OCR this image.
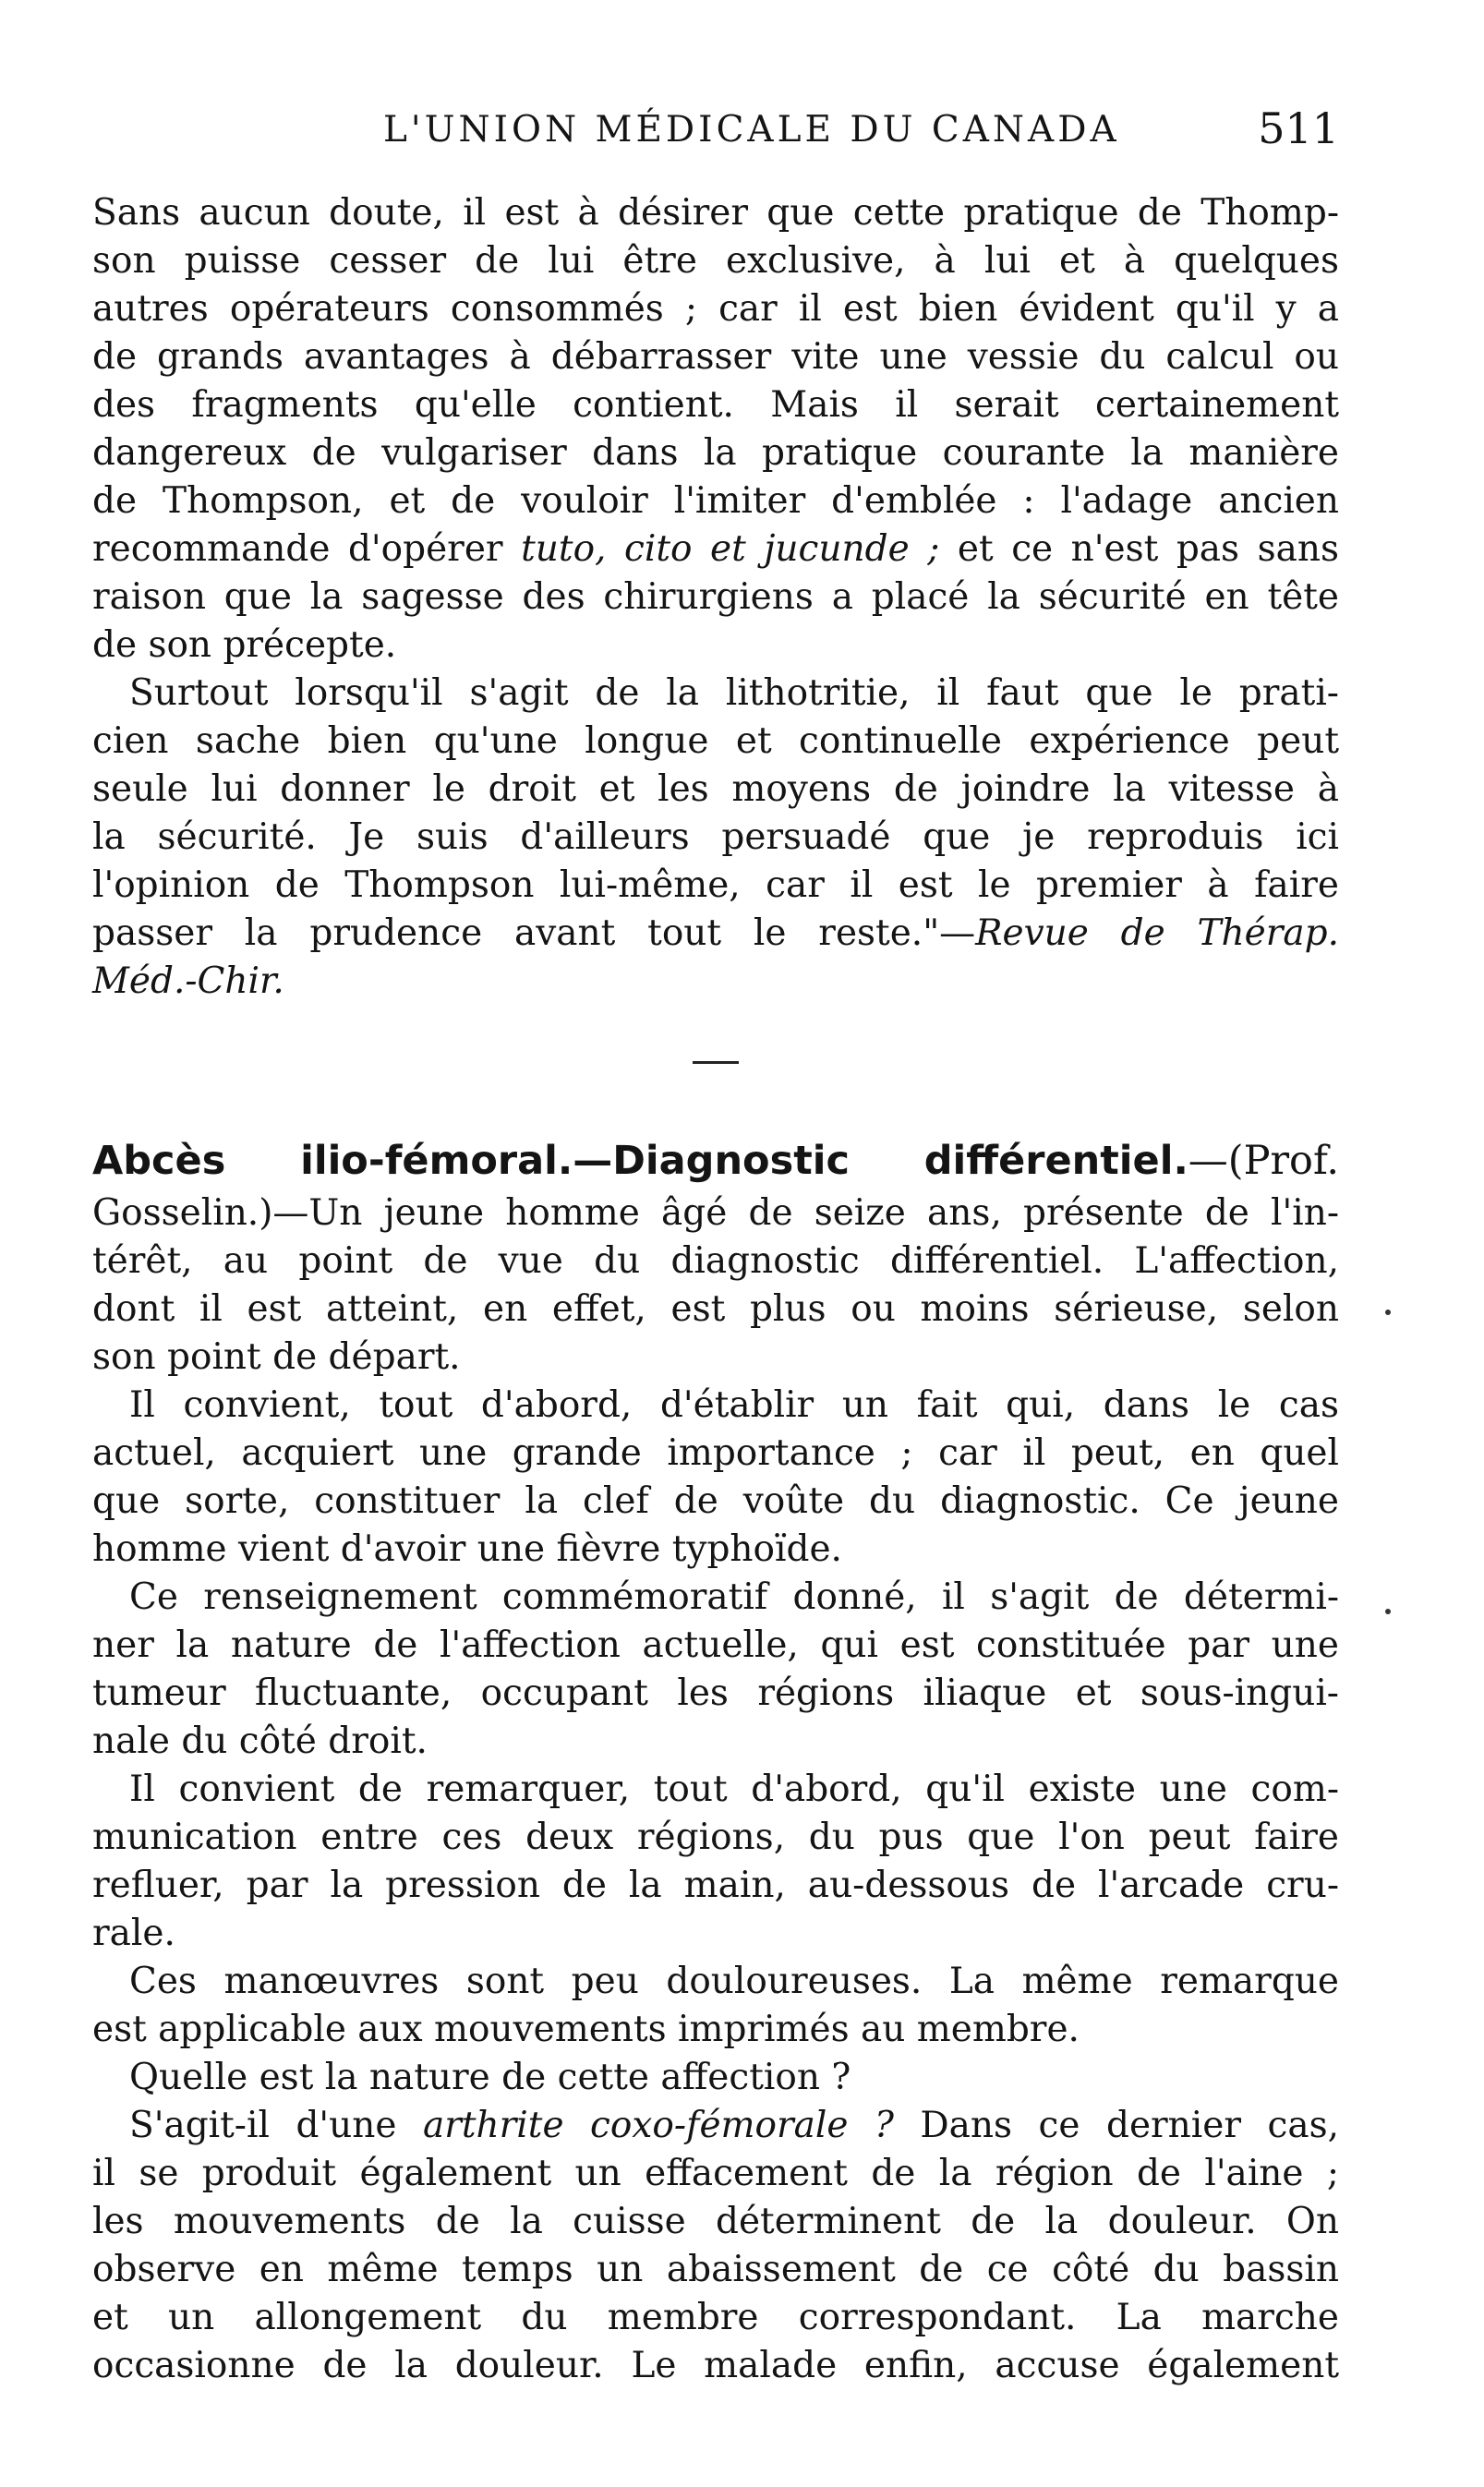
L'UNION MÉDICALE DU CANADA	511
Sans aucun doute, il est à désirer que cette pratique de Thomp-
son puisse cesser de lui être exclusive, à lui et à quelques
autres opérateurs consommés ; car il est bien évident qu'il y a
de grands avantages à débarrasser vite une vessie du calcul ou
des fragments qu'elle contient. Mais il serait certainement
dangereux de vulgariser dans la pratique courante la manière
de Thompson, et de vouloir l'imiter d'emblée : l'adage ancien
recommande d'opérer tuto, cito et jucunde ; et ce n'est pas sans
raison que la sagesse des chirurgiens a placé la sécurité en tête
de son précepte.
Surtout lorsqu'il s'agit de la lithotritie, il faut que le prati-
cien sache bien qu'une longue et continuelle expérience peut
seule lui donner le droit et les moyens de joindre la vitesse à
la sécurité. Je suis d'ailleurs persuadé que je reproduis ici
l'opinion de Thompson lui-même, car il est le premier à faire
passer la prudence avant tout le reste."—Revue de Thérap.
Méd.-Chir.
Abcès ilio-fémoral.—Diagnostic différentiel.—(Prof.
Gosselin.)—Un jeune homme âgé de seize ans, présente de l'in-
térêt, au point de vue du diagnostic différentiel. L'affection,
dont il est atteint, en effet, est plus ou moins sérieuse, selon
son point de départ.
Il convient, tout d'abord, d'établir un fait qui, dans le cas
actuel, acquiert une grande importance ; car il peut, en quel
que sorte, constituer la clef de voûte du diagnostic. Ce jeune
homme vient d'avoir une fièvre typhoïde.
Ce renseignement commémoratif donné, il s'agit de détermi-
ner la nature de l'affection actuelle, qui est constituée par une
tumeur fluctuante, occupant les régions iliaque et sous-ingui-
nale du côté droit.
Il convient de remarquer, tout d'abord, qu'il existe une com-
munication entre ces deux régions, du pus que l'on peut faire
refluer, par la pression de la main, au-dessous de l'arcade cru-
rale.
Ces manœuvres sont peu douloureuses. La même remarque
est applicable aux mouvements imprimés au membre.
Quelle est la nature de cette affection ?
S'agit-il d'une arthrite coxo-fémorale ? Dans ce dernier cas,
il se produit également un effacement de la région de l'aine ;
les mouvements de la cuisse déterminent de la douleur. On
observe en même temps un abaissement de ce côté du bassin
et un allongement du membre correspondant. La marche
occasionne de la douleur. Le malade enfin, accuse également
